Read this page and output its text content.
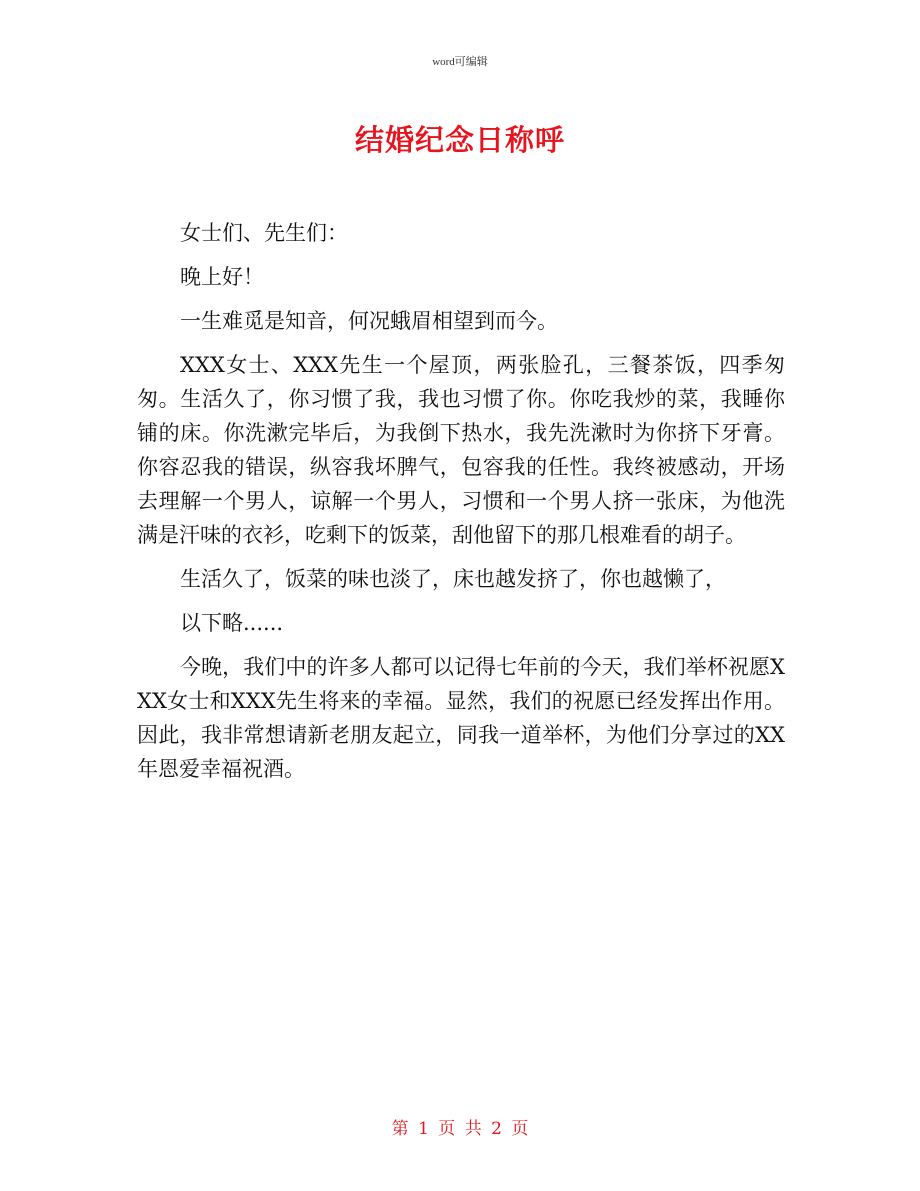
word可编辑
结婚纪念日称呼

女士们、先生们：

晚上好！

一生难觅是知音，何况蛾眉相望到而今。

XXX女士、XXX先生一个屋顶，两张脸孔，三餐茶饭，四季匆匆。生活久了，你习惯了我，我也习惯了你。你吃我炒的菜，我睡你铺的床。你洗漱完毕后，为我倒下热水，我先洗漱时为你挤下牙膏。你容忍我的错误，纵容我坏脾气，包容我的任性。我终被感动，开场去理解一个男人，谅解一个男人，习惯和一个男人挤一张床，为他洗满是汗味的衣衫，吃剩下的饭菜，刮他留下的那几根难看的胡子。

生活久了，饭菜的味也淡了，床也越发挤了，你也越懒了，

以下略......

今晚，我们中的许多人都可以记得七年前的今天，我们举杯祝愿XXX女士和XXX先生将来的幸福。显然，我们的祝愿已经发挥出作用。因此，我非常想请新老朋友起立，同我一道举杯，为他们分享过的XX年恩爱幸福祝酒。

第 1 页 共 2 页
